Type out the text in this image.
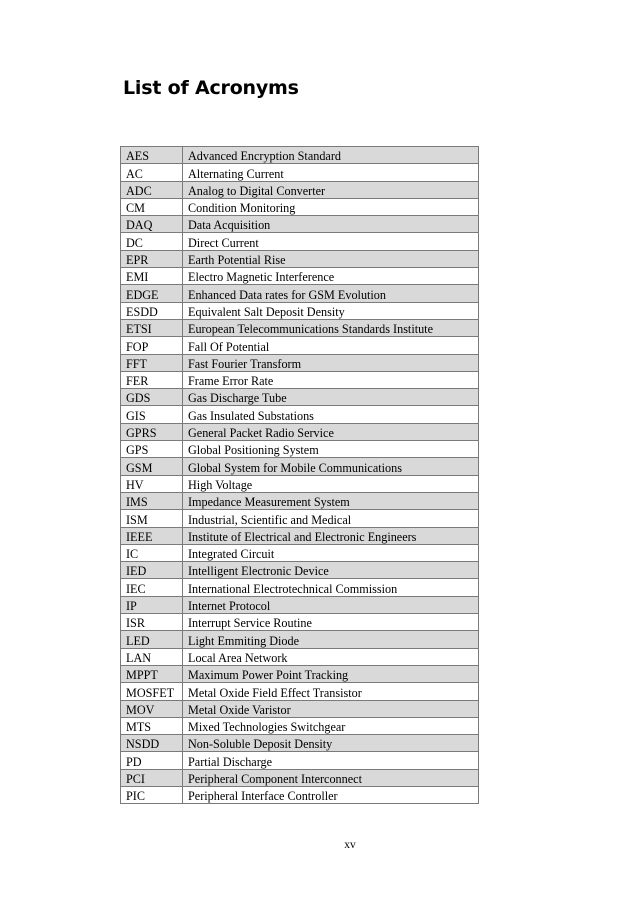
List of Acronyms
AES	Advanced Encryption Standard
AC	Alternating Current
ADC	Analog to Digital Converter
CM	Condition Monitoring
DAQ	Data Acquisition
DC	Direct Current
EPR	Earth Potential Rise
EMI	Electro Magnetic Interference
EDGE	Enhanced Data rates for GSM Evolution
ESDD	Equivalent Salt Deposit Density
ETSI	European Telecommunications Standards Institute
FOP	Fall Of Potential
FFT	Fast Fourier Transform
FER	Frame Error Rate
GDS	Gas Discharge Tube
GIS	Gas Insulated Substations
GPRS	General Packet Radio Service
GPS	Global Positioning System
GSM	Global System for Mobile Communications
HV	High Voltage
IMS	Impedance Measurement System
ISM	Industrial, Scientific and Medical
IEEE	Institute of Electrical and Electronic Engineers
IC	Integrated Circuit
IED	Intelligent Electronic Device
IEC	International Electrotechnical Commission
IP	Internet Protocol
ISR	Interrupt Service Routine
LED	Light Emmiting Diode
LAN	Local Area Network
MPPT	Maximum Power Point Tracking
MOSFET	Metal Oxide Field Effect Transistor
MOV	Metal Oxide Varistor
MTS	Mixed Technologies Switchgear
NSDD	Non-Soluble Deposit Density
PD	Partial Discharge
PCI	Peripheral Component Interconnect
PIC	Peripheral Interface Controller
xv
